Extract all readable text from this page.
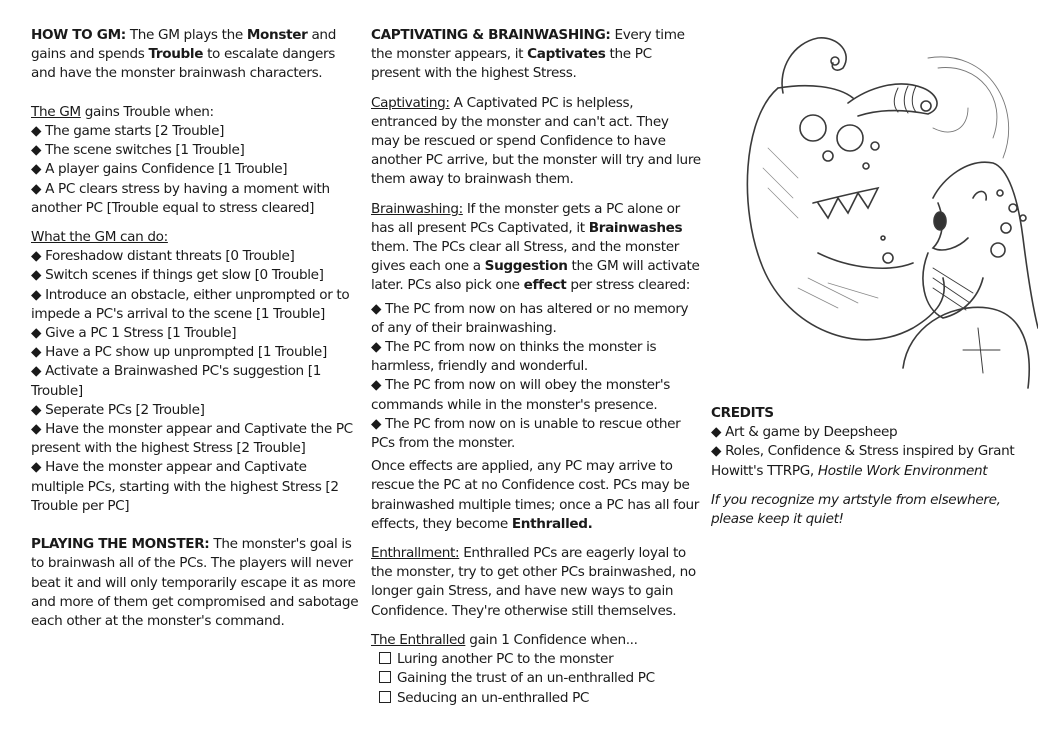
HOW TO GM: The GM plays the Monster and gains and spends Trouble to escalate dangers and have the monster brainwash characters.

The GM gains Trouble when:

◆ The game starts [2 Trouble]

◆ The scene switches [1 Trouble]

◆ A player gains Confidence [1 Trouble]

◆ A PC clears stress by having a moment with another PC [Trouble equal to stress cleared]

What the GM can do:

◆ Foreshadow distant threats [0 Trouble]

◆ Switch scenes if things get slow [0 Trouble]

◆ Introduce an obstacle, either unprompted or to impede a PC's arrival to the scene [1 Trouble]

◆ Give a PC 1 Stress [1 Trouble]

◆ Have a PC show up unprompted [1 Trouble]

◆ Activate a Brainwashed PC's suggestion [1 Trouble]

◆ Seperate PCs [2 Trouble]

◆ Have the monster appear and Captivate the PC present with the highest Stress [2 Trouble]

◆ Have the monster appear and Captivate multiple PCs, starting with the highest Stress [2 Trouble per PC]

PLAYING THE MONSTER: The monster's goal is to brainwash all of the PCs. The players will never beat it and will only temporarily escape it as more and more of them get compromised and sabotage each other at the monster's command.

CAPTIVATING & BRAINWASHING: Every time the monster appears, it Captivates the PC present with the highest Stress.

Captivating: A Captivated PC is helpless, entranced by the monster and can't act. They may be rescued or spend Confidence to have another PC arrive, but the monster will try and lure them away to brainwash them.

Brainwashing: If the monster gets a PC alone or has all present PCs Captivated, it Brainwashes them. The PCs clear all Stress, and the monster gives each one a Suggestion the GM will activate later. PCs also pick one effect per stress cleared:

◆ The PC from now on has altered or no memory of any of their brainwashing.

◆ The PC from now on thinks the monster is harmless, friendly and wonderful.

◆ The PC from now on will obey the monster's commands while in the monster's presence.

◆ The PC from now on is unable to rescue other PCs from the monster.

Once effects are applied, any PC may arrive to rescue the PC at no Confidence cost. PCs may be brainwashed multiple times; once a PC has all four effects, they become Enthralled.

Enthrallment: Enthralled PCs are eagerly loyal to the monster, try to get other PCs brainwashed, no longer gain Stress, and have new ways to gain Confidence. They're otherwise still themselves.

The Enthralled gain 1 Confidence when...

Luring another PC to the monster

Gaining the trust of an un-enthralled PC

Seducing an un-enthralled PC

CREDITS

◆ Art & game by Deepsheep

◆ Roles, Confidence & Stress inspired by Grant Howitt's TTRPG, Hostile Work Environment

If you recognize my artstyle from elsewhere, please keep it quiet!
